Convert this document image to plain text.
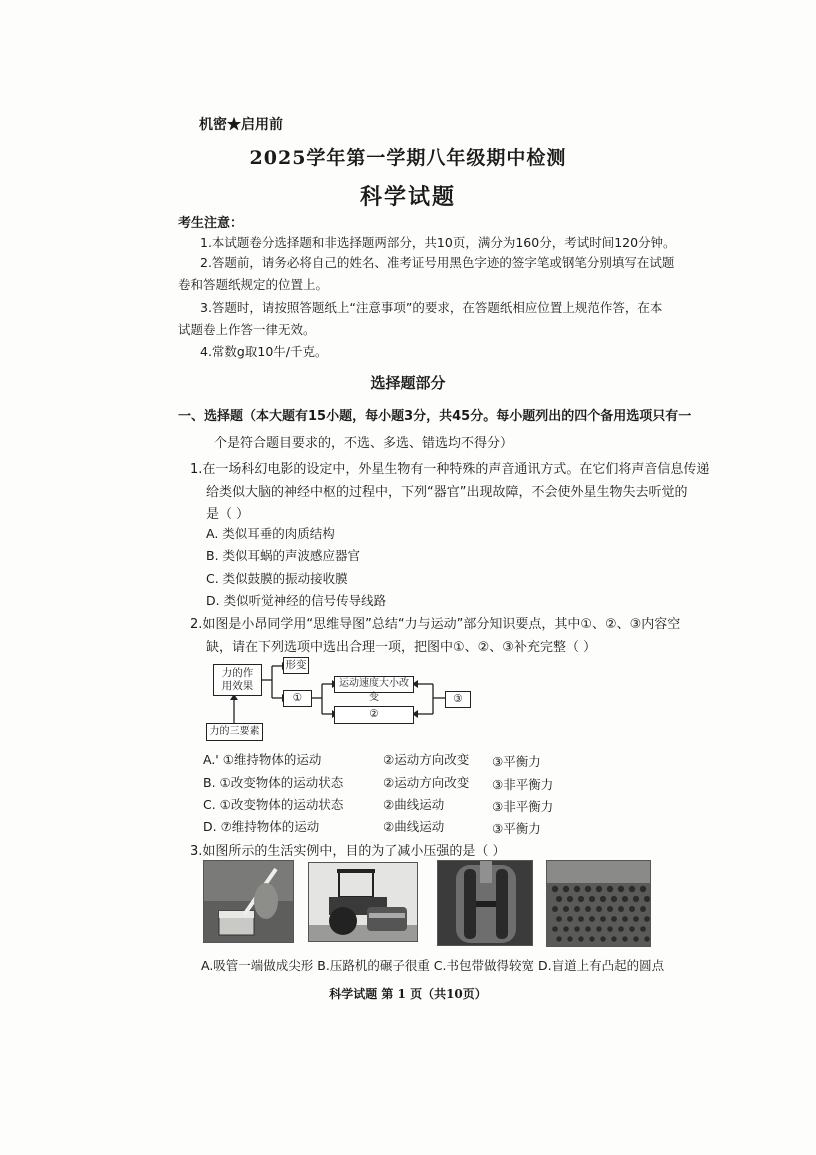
机密★启用前
2025学年第一学期八年级期中检测
科学试题
考生注意：
1.本试题卷分选择题和非选择题两部分，共10页，满分为160分，考试时间120分钟。
2.答题前，请务必将自己的姓名、准考证号用黑色字迹的签字笔或钢笔分别填写在试题
卷和答题纸规定的位置上。
3.答题时，请按照答题纸上“注意事项”的要求，在答题纸相应位置上规范作答，在本
试题卷上作答一律无效。
4.常数g取10牛/千克。
选择题部分
一、选择题（本大题有15小题，每小题3分，共45分。每小题列出的四个备用选项只有一
个是符合题目要求的，不选、多选、错选均不得分）
1.在一场科幻电影的设定中，外星生物有一种特殊的声音通讯方式。在它们将声音信息传递
给类似大脑的神经中枢的过程中，下列“器官”出现故障，不会使外星生物失去听觉的
是（ ）
A. 类似耳垂的肉质结构
B. 类似耳蜗的声波感应器官
C. 类似鼓膜的振动接收膜
D. 类似听觉神经的信号传导线路
2.如图是小昂同学用“思维导图”总结“力与运动”部分知识要点，其中①、②、③内容空
缺，请在下列选项中选出合理一项，把图中①、②、③补充完整（ ）
力的作
用效果
形变
①
运动速度大小改变
②
③
力的三要素
A.' ①维持物体的运动	②运动方向改变 ③平衡力
B. ①改变物体的运动状态	②运动方向改变 ③非平衡力
C. ①改变物体的运动状态	②曲线运动	③非平衡力
D. ⑦维持物体的运动	②曲线运动	③平衡力
3.如图所示的生活实例中，目的为了减小压强的是（ ）
A.吸管一端做成尖形 B.压路机的碾子很重 C.书包带做得较宽 D.盲道上有凸起的圆点
科学试题 第 1 页（共10页）
